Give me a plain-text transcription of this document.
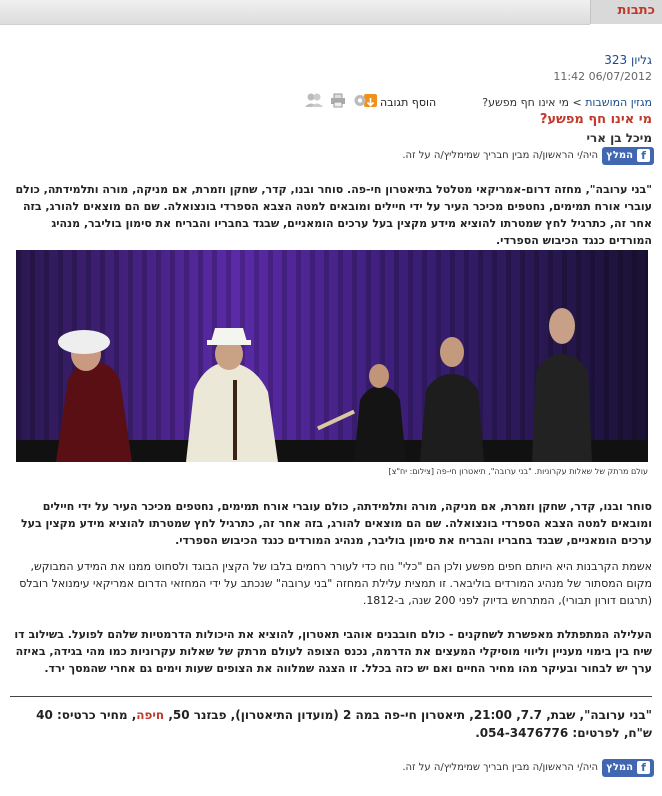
כתבות
גליון 323
11:42 06/07/2012
מגזין המושבות > מי אינו חף מפשע?
הוסף תגובה
מי אינו חף מפשע?
מיכל בן ארי
f
המלץ
היה/י הראשון/ה מבין חבריך שמימליץ/ה על זה.
"בני ערובה", מחזה דרום-אמריקאי מטלטל בתיאטרון חי-פה. סוחר ובנו, קדר, שחקן וזמרת, אם מניקה, מורה ותלמידתה, כולם עוברי אורח תמימים, נחטפים מכיכר העיר על ידי חיילים ומובאים למטה הצבא הספרדי בונצואלה. שם הם מוצאים להורג, בזה אחר זה, כתרגיל לחץ שמטרתו להוציא מידע מקצין בעל ערכים הומאניים, שבגד בחבריו והבריח את סימון בוליבר, מנהיג המורדים כנגד הכיבוש הספרדי.
עולם מרתק של שאלות עקרוניות. "בני ערובה", תיאטרון חי-פה [צילום: יח"צ]
סוחר ובנו, קדר, שחקן וזמרת, אם מניקה, מורה ותלמידתה, כולם עוברי אורח תמימים, נחטפים מכיכר העיר על ידי חיילים ומובאים למטה הצבא הספרדי בונצואלה. שם הם מוצאים להורג, בזה אחר זה, כתרגיל לחץ שמטרתו להוציא מידע מקצין בעל ערכים הומאניים, שבגד בחבריו והבריח את סימון בוליבר, מנהיג המורדים כנגד הכיבוש הספרדי.
אשמת הקרבנות היא היותם חפים מפשע ולכן הם "כלי" נוח כדי לעורר רחמים בלבו של הקצין הבוגד ולסחוט ממנו את המידע המבוקש, מקום המסתור של מנהיג המורדים בוליבאר. זו תמצית עלילת המחזה "בני ערובה" שנכתב על ידי המחזאי הדרום אמריקאי עימנואל רובלס (תרגום דורון תבורי), המתרחש בדיוק לפני 200 שנה, ב-1812.
העלילה המתפתלת מאפשרת לשחקנים - כולם חובבנים אוהבי תאטרון, להוציא את היכולות הדרמטיות שלהם לפועל. בשילוב דו שיח בין בימוי מעניין וליווי מוסיקלי המעצים את הדרמה, נכנס הצופה לעולם מרתק של שאלות עקרוניות כמו מהי בגידה, באיזה ערך יש לבחור ובעיקר מהו מחיר החיים ואם יש כזה בכלל. זו הצגה שמלווה את הצופים שעות וימים גם אחרי שהמסך ירד.
"בני ערובה", שבת, 7.7, 21:00, תיאטרון חי-פה במה 2 (מועדון התיאטרון), פבזנר 50, חיפה, מחיר כרטיס: 40 ש"ח, לפרטים: 054-3476776.
f
המלץ
היה/י הראשון/ה מבין חבריך שמימליץ/ה על זה.
